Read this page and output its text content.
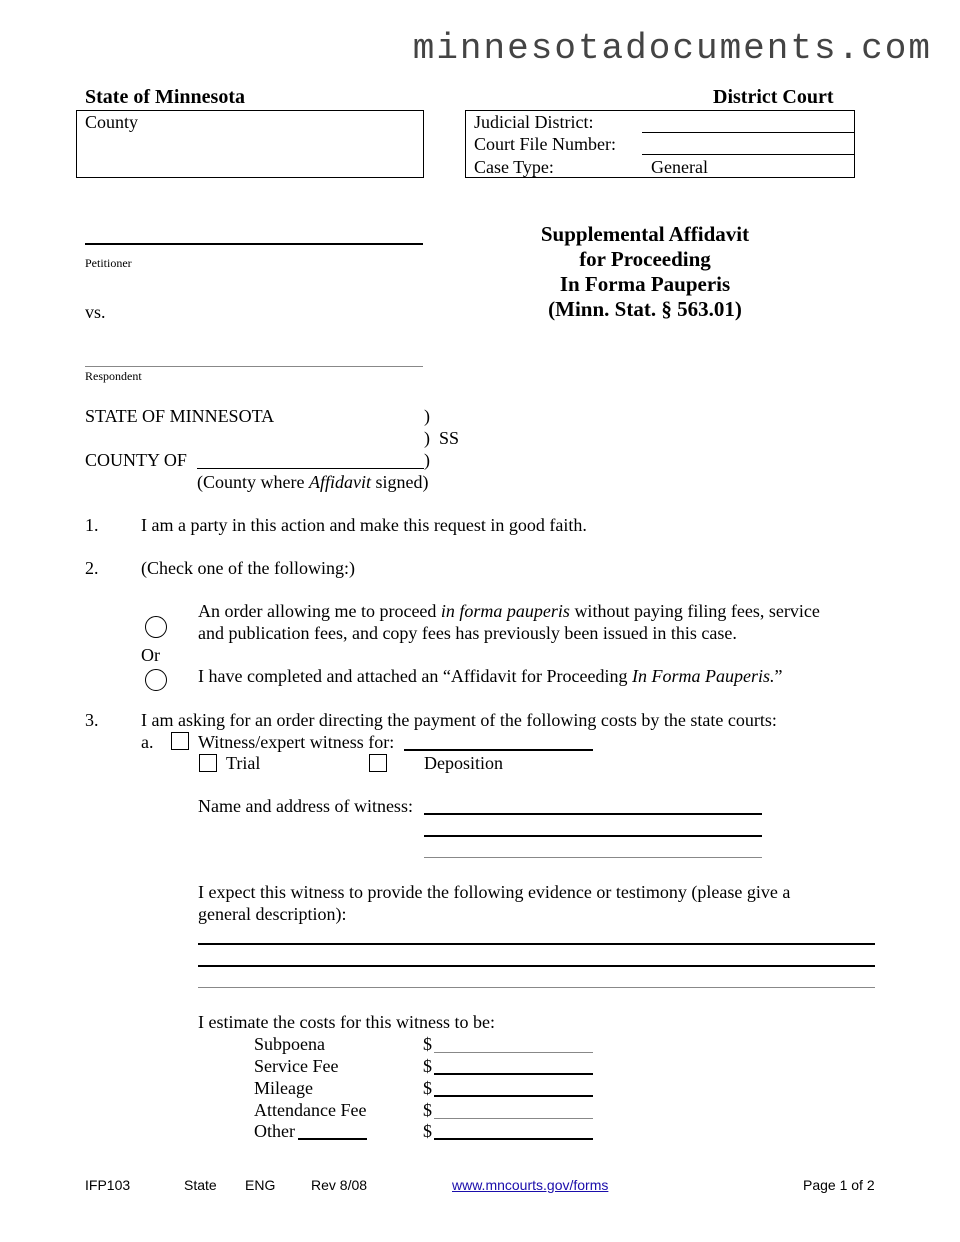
minnesotadocuments.com
State of Minnesota	District Court
County	Judicial District:
Court File Number:
Case Type:	General
Petitioner
vs.
Respondent
Supplemental Affidavit
for Proceeding
In Forma Pauperis
(Minn. Stat. § 563.01)
STATE OF MINNESOTA	)
) SS
COUNTY OF	)
(County where Affidavit signed)
1. I am a party in this action and make this request in good faith.
2. (Check one of the following:)
An order allowing me to proceed in forma pauperis without paying filing fees, service
and publication fees, and copy fees has previously been issued in this case.
Or
I have completed and attached an “Affidavit for Proceeding In Forma Pauperis.”
3. I am asking for an order directing the payment of the following costs by the state courts:
a. Witness/expert witness for:
Trial	Deposition
Name and address of witness:
I expect this witness to provide the following evidence or testimony (please give a
general description):
I estimate the costs for this witness to be:
Subpoena	$
Service Fee	$
Mileage	$
Attendance Fee	$
Other	$
IFP103	State ENG	Rev 8/08	www.mncourts.gov/forms	Page 1 of 2
